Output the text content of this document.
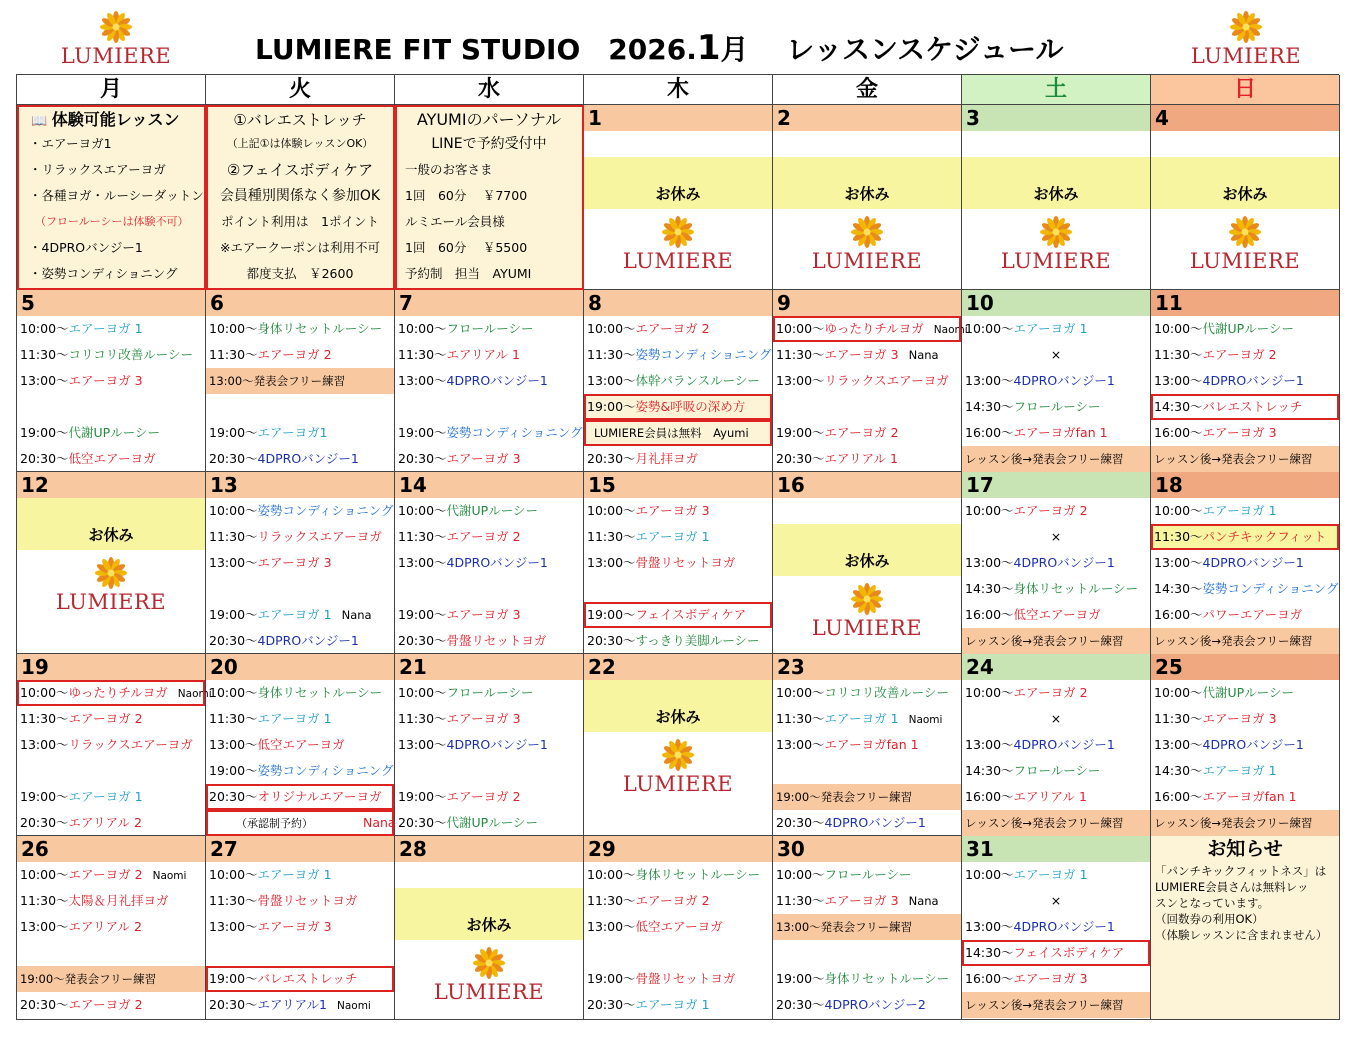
LUMIERE	LUMIERE FIT STUDIO　2026.1月　 レッスンスケジュール	LUMIERE
月	火	水	木	金	土	日
📖 体験可能レッスン
・エアーヨガ1
・リラックスエアーヨガ
・各種ヨガ・ルーシーダットン
（フロールーシーは体験不可）
・4DPROバンジー1
・姿勢コンディショニング
①バレエストレッチ
（上記①は体験レッスンOK）
②フェイスボディケア
会員種別関係なく参加OK
ポイント利用は　1ポイント
※エアークーポンは利用不可
都度支払　￥2600
AYUMIのパーソナル
LINEで予約受付中
一般のお客さま
1回　60分　 ￥7700
ルミエール会員様
1回　60分　 ￥5500
予約制　担当　AYUMI
1
お休み
LUMIERE
2
お休み
LUMIERE
3
お休み
LUMIERE
4
お休み
LUMIERE
5
10:00～エアーヨガ 1
11:30～コリコリ改善ルーシー
13:00～エアーヨガ 3
19:00～代謝UPルーシー
20:30～低空エアーヨガ
6
10:00～身体リセットルーシー
11:30～エアーヨガ 2
13:00～発表会フリー練習
19:00～エアーヨガ1
20:30～4DPROバンジー1
7
10:00～フロールーシー
11:30～エアリアル 1
13:00～4DPROバンジー1
19:00～姿勢コンディショニング
20:30～エアーヨガ 3
8
10:00～エアーヨガ 2
11:30～姿勢コンディショニング
13:00～体幹バランスルーシー
19:00～姿勢&呼吸の深め方
LUMIERE会員は無料　Ayumi
20:30～月礼拝ヨガ
9
10:00～ゆったりチルヨガ Naomi
11:30～エアーヨガ 3 Nana
13:00～リラックスエアーヨガ
19:00～エアーヨガ 2
20:30～エアリアル 1
10
10:00～エアーヨガ 1
×
13:00～4DPROバンジー1
14:30～フロールーシー
16:00～エアーヨガfan 1
レッスン後→発表会フリー練習
11
10:00～代謝UPルーシー
11:30～エアーヨガ 2
13:00～4DPROバンジー1
14:30～バレエストレッチ
16:00～エアーヨガ 3
レッスン後→発表会フリー練習
12
お休み
LUMIERE
13
10:00～姿勢コンディショニング
11:30～リラックスエアーヨガ
13:00～エアーヨガ 3
19:00～エアーヨガ 1 Nana
20:30～4DPROバンジー1
14
10:00～代謝UPルーシー
11:30～エアーヨガ 2
13:00～4DPROバンジー1
19:00～エアーヨガ 3
20:30～骨盤リセットヨガ
15
10:00～エアーヨガ 3
11:30～エアーヨガ 1
13:00～骨盤リセットヨガ
19:00～フェイスボディケア
20:30～すっきり美脚ルーシー
16
お休み
LUMIERE
17
10:00～エアーヨガ 2
×
13:00～4DPROバンジー1
14:30～身体リセットルーシー
16:00～低空エアーヨガ
レッスン後→発表会フリー練習
18
10:00～エアーヨガ 1
11:30～パンチキックフィット
13:00～4DPROバンジー1
14:30～姿勢コンディショニング
16:00～パワーエアーヨガ
レッスン後→発表会フリー練習
19
10:00～ゆったりチルヨガ Naomi
11:30～エアーヨガ 2
13:00～リラックスエアーヨガ
19:00～エアーヨガ 1
20:30～エアリアル 2
20
10:00～身体リセットルーシー
11:30～エアーヨガ 1
13:00～低空エアーヨガ
19:00～姿勢コンディショニング
20:30～オリジナルエアーヨガ
（承認制予約）	Nana
21
10:00～フロールーシー
11:30～エアーヨガ 3
13:00～4DPROバンジー1
19:00～エアーヨガ 2
20:30～代謝UPルーシー
22
お休み
LUMIERE
23
10:00～コリコリ改善ルーシー
11:30～エアーヨガ 1 Naomi
13:00～エアーヨガfan 1
19:00～発表会フリー練習
20:30～4DPROバンジー1
24
10:00～エアーヨガ 2
×
13:00～4DPROバンジー1
14:30～フロールーシー
16:00～エアリアル 1
レッスン後→発表会フリー練習
25
10:00～代謝UPルーシー
11:30～エアーヨガ 3
13:00～4DPROバンジー1
14:30～エアーヨガ 1
16:00～エアーヨガfan 1
レッスン後→発表会フリー練習
26
10:00～エアーヨガ 2 Naomi
11:30～太陽＆月礼拝ヨガ
13:00～エアリアル 2
19:00～発表会フリー練習
20:30～エアーヨガ 2
27
10:00～エアーヨガ 1
11:30～骨盤リセットヨガ
13:00～エアーヨガ 3
19:00～バレエストレッチ
20:30～エアリアル1 Naomi
28
お休み
LUMIERE
29
10:00～身体リセットルーシー
11:30～エアーヨガ 2
13:00～低空エアーヨガ
19:00～骨盤リセットヨガ
20:30～エアーヨガ 1
30
10:00～フロールーシー
11:30～エアーヨガ 3 Nana
13:00～発表会フリー練習
19:00～身体リセットルーシー
20:30～4DPROバンジー2
31
10:00～エアーヨガ 1
×
13:00～4DPROバンジー1
14:30～フェイスボディケア
16:00～エアーヨガ 3
レッスン後→発表会フリー練習
お知らせ
「パンチキックフィットネス」は
LUMIERE会員さんは無料レッ
スンとなっています。
（回数券の利用OK）
（体験レッスンに含まれません）
